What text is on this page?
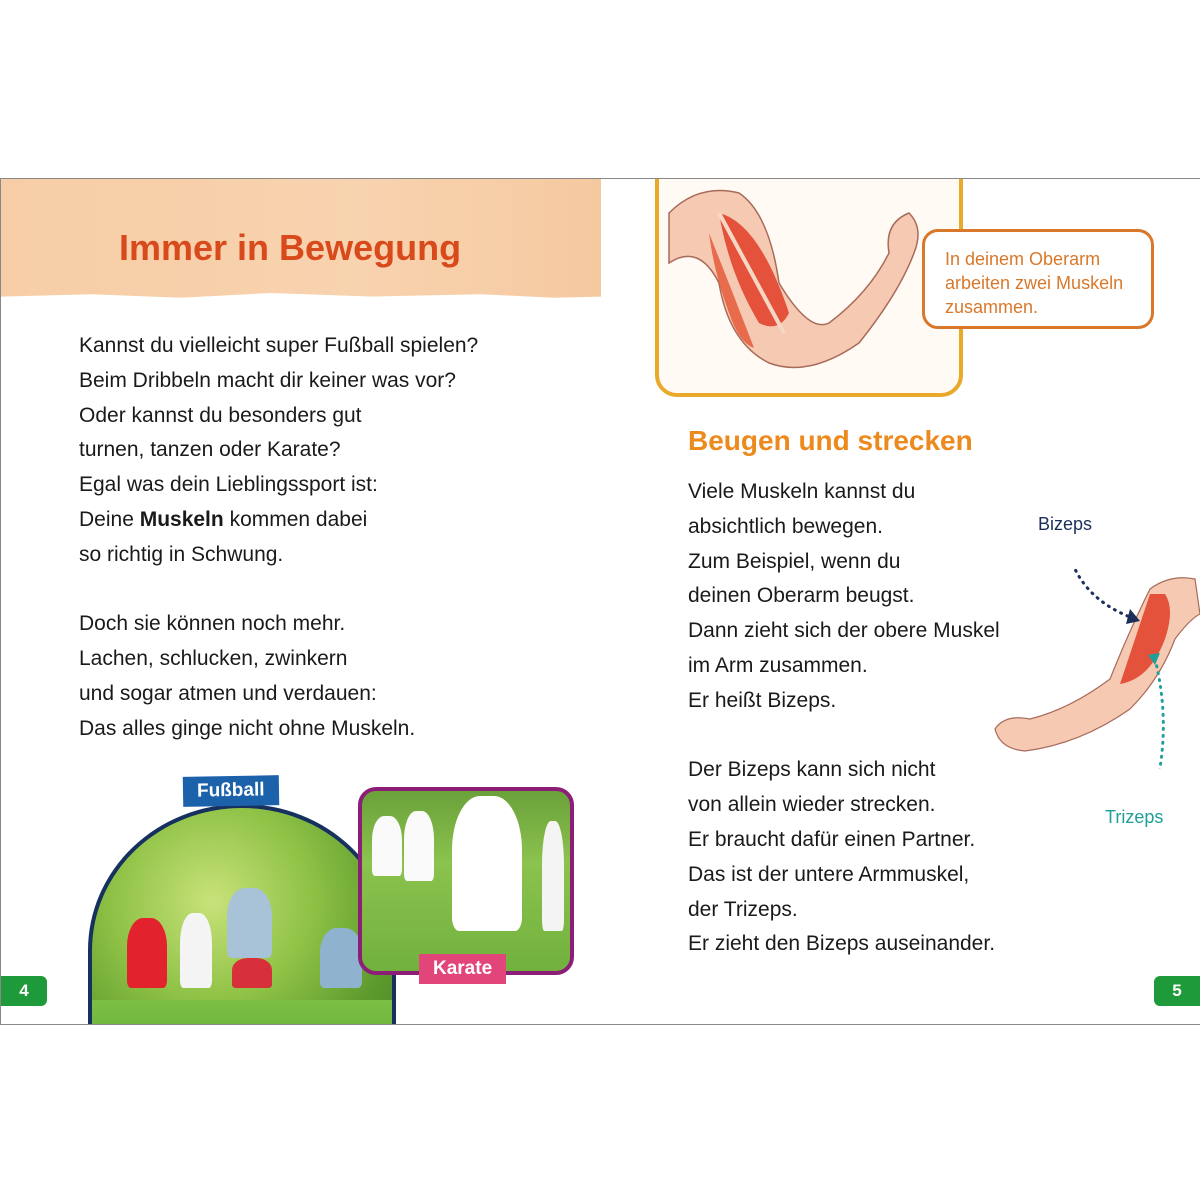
Immer in Bewegung

Kannst du vielleicht super Fußball spielen?

Beim Dribbeln macht dir keiner was vor?

Oder kannst du besonders gut

turnen, tanzen oder Karate?

Egal was dein Lieblingssport ist:

Deine Muskeln kommen dabei

so richtig in Schwung.

Doch sie können noch mehr.

Lachen, schlucken, zwinkern

und sogar atmen und verdauen:

Das alles ginge nicht ohne Muskeln.

Fußball
Karate
4
In deinem Oberarm
arbeiten zwei Muskeln
zusammen.
Beugen und strecken

Viele Muskeln kannst du

absichtlich bewegen.

Zum Beispiel, wenn du

deinen Oberarm beugst.

Dann zieht sich der obere Muskel

im Arm zusammen.

Er heißt Bizeps.

Der Bizeps kann sich nicht

von allein wieder strecken.

Er braucht dafür einen Partner.

Das ist der untere Armmuskel,

der Trizeps.

Er zieht den Bizeps auseinander.

Bizeps
Trizeps
5
